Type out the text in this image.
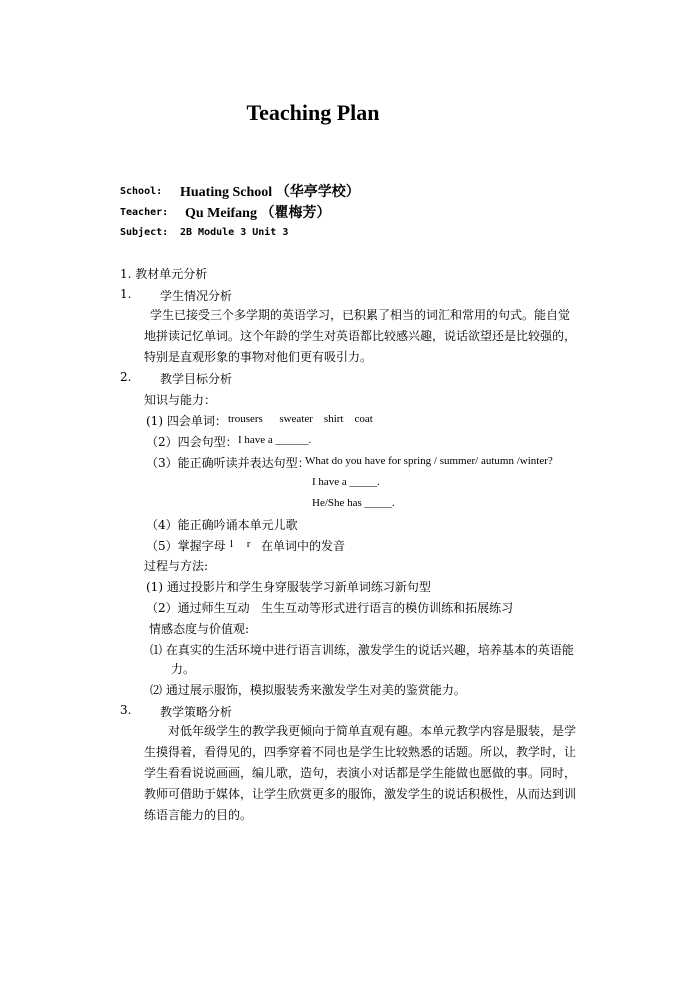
Teaching Plan
School: Huating School （华亭学校）
Teacher: Qu Meifang （瞿梅芳）
Subject: 2B Module 3 Unit 3
1. 教材单元分析
1. 学生情况分析
学生已接受三个多学期的英语学习，已积累了相当的词汇和常用的句式。能自觉地拼读记忆单词。这个年龄的学生对英语都比较感兴趣，说话欲望还是比较强的，特别是直观形象的事物对他们更有吸引力。
2. 教学目标分析
知识与能力：
(1) 四会单词： trousers      sweater    shirt    coat
（2）四会句型： I have a ______.
（3）能正确听读并表达句型：
What do you have for spring / summer/ autumn /winter?
I have a _____.
He/She has _____.
（4）能正确吟诵本单元儿歌
（5）掌握字母 l     r 在单词中的发音
过程与方法:
(1) 通过投影片和学生身穿服装学习新单词练习新句型
（2）通过师生互动   生生互动等形式进行语言的模仿训练和拓展练习
情感态度与价值观:
⑴ 在真实的生活环境中进行语言训练，激发学生的说话兴趣，培养基本的英语能
力。
⑵ 通过展示服饰，模拟服装秀来激发学生对美的鉴赏能力。
3. 教学策略分析
对低年级学生的教学我更倾向于简单直观有趣。本单元教学内容是服装，是学生摸得着，看得见的，四季穿着不同也是学生比较熟悉的话题。所以，教学时，让学生看看说说画画，编儿歌，造句，表演小对话都是学生能做也愿做的事。同时，教师可借助于媒体，让学生欣赏更多的服饰，激发学生的说话积极性，从而达到训练语言能力的目的。
